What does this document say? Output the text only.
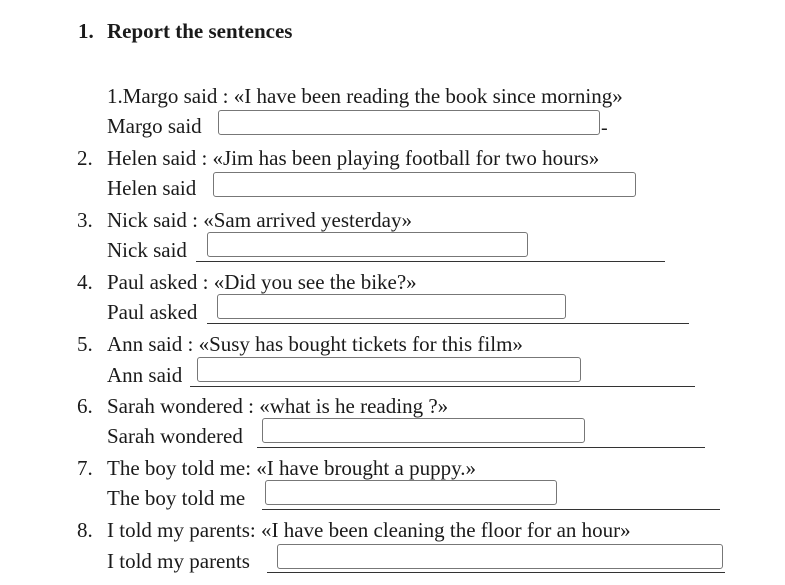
1. Report the sentences
1.Margo said : «I have been reading the book since morning»
Margo said	-
2. Helen said : «Jim has been playing football for two hours»
Helen said
3. Nick said : «Sam arrived yesterday»
Nick said
4. Paul asked : «Did you see the bike?»
Paul asked
5. Ann said : «Susy has bought tickets for this film»
Ann said
6. Sarah wondered : «what is he reading ?»
Sarah wondered
7. The boy told me: «I have brought a puppy.»
The boy told me
8. I told my parents: «I have been cleaning the floor for an hour»
I told my parents
